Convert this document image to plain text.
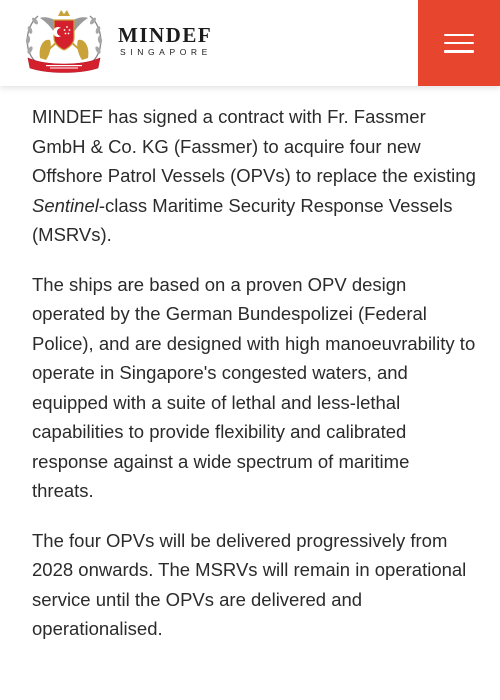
MINDEF
SINGAPORE

MINDEF has signed a contract with Fr. Fassmer GmbH & Co. KG (Fassmer) to acquire four new Offshore Patrol Vessels (OPVs) to replace the existing Sentinel-class Maritime Security Response Vessels (MSRVs).

The ships are based on a proven OPV design operated by the German Bundespolizei (Federal Police), and are designed with high manoeuvrability to operate in Singapore's congested waters, and equipped with a suite of lethal and less-lethal capabilities to provide flexibility and calibrated response against a wide spectrum of maritime threats.

The four OPVs will be delivered progressively from 2028 onwards. The MSRVs will remain in operational service until the OPVs are delivered and operationalised.
